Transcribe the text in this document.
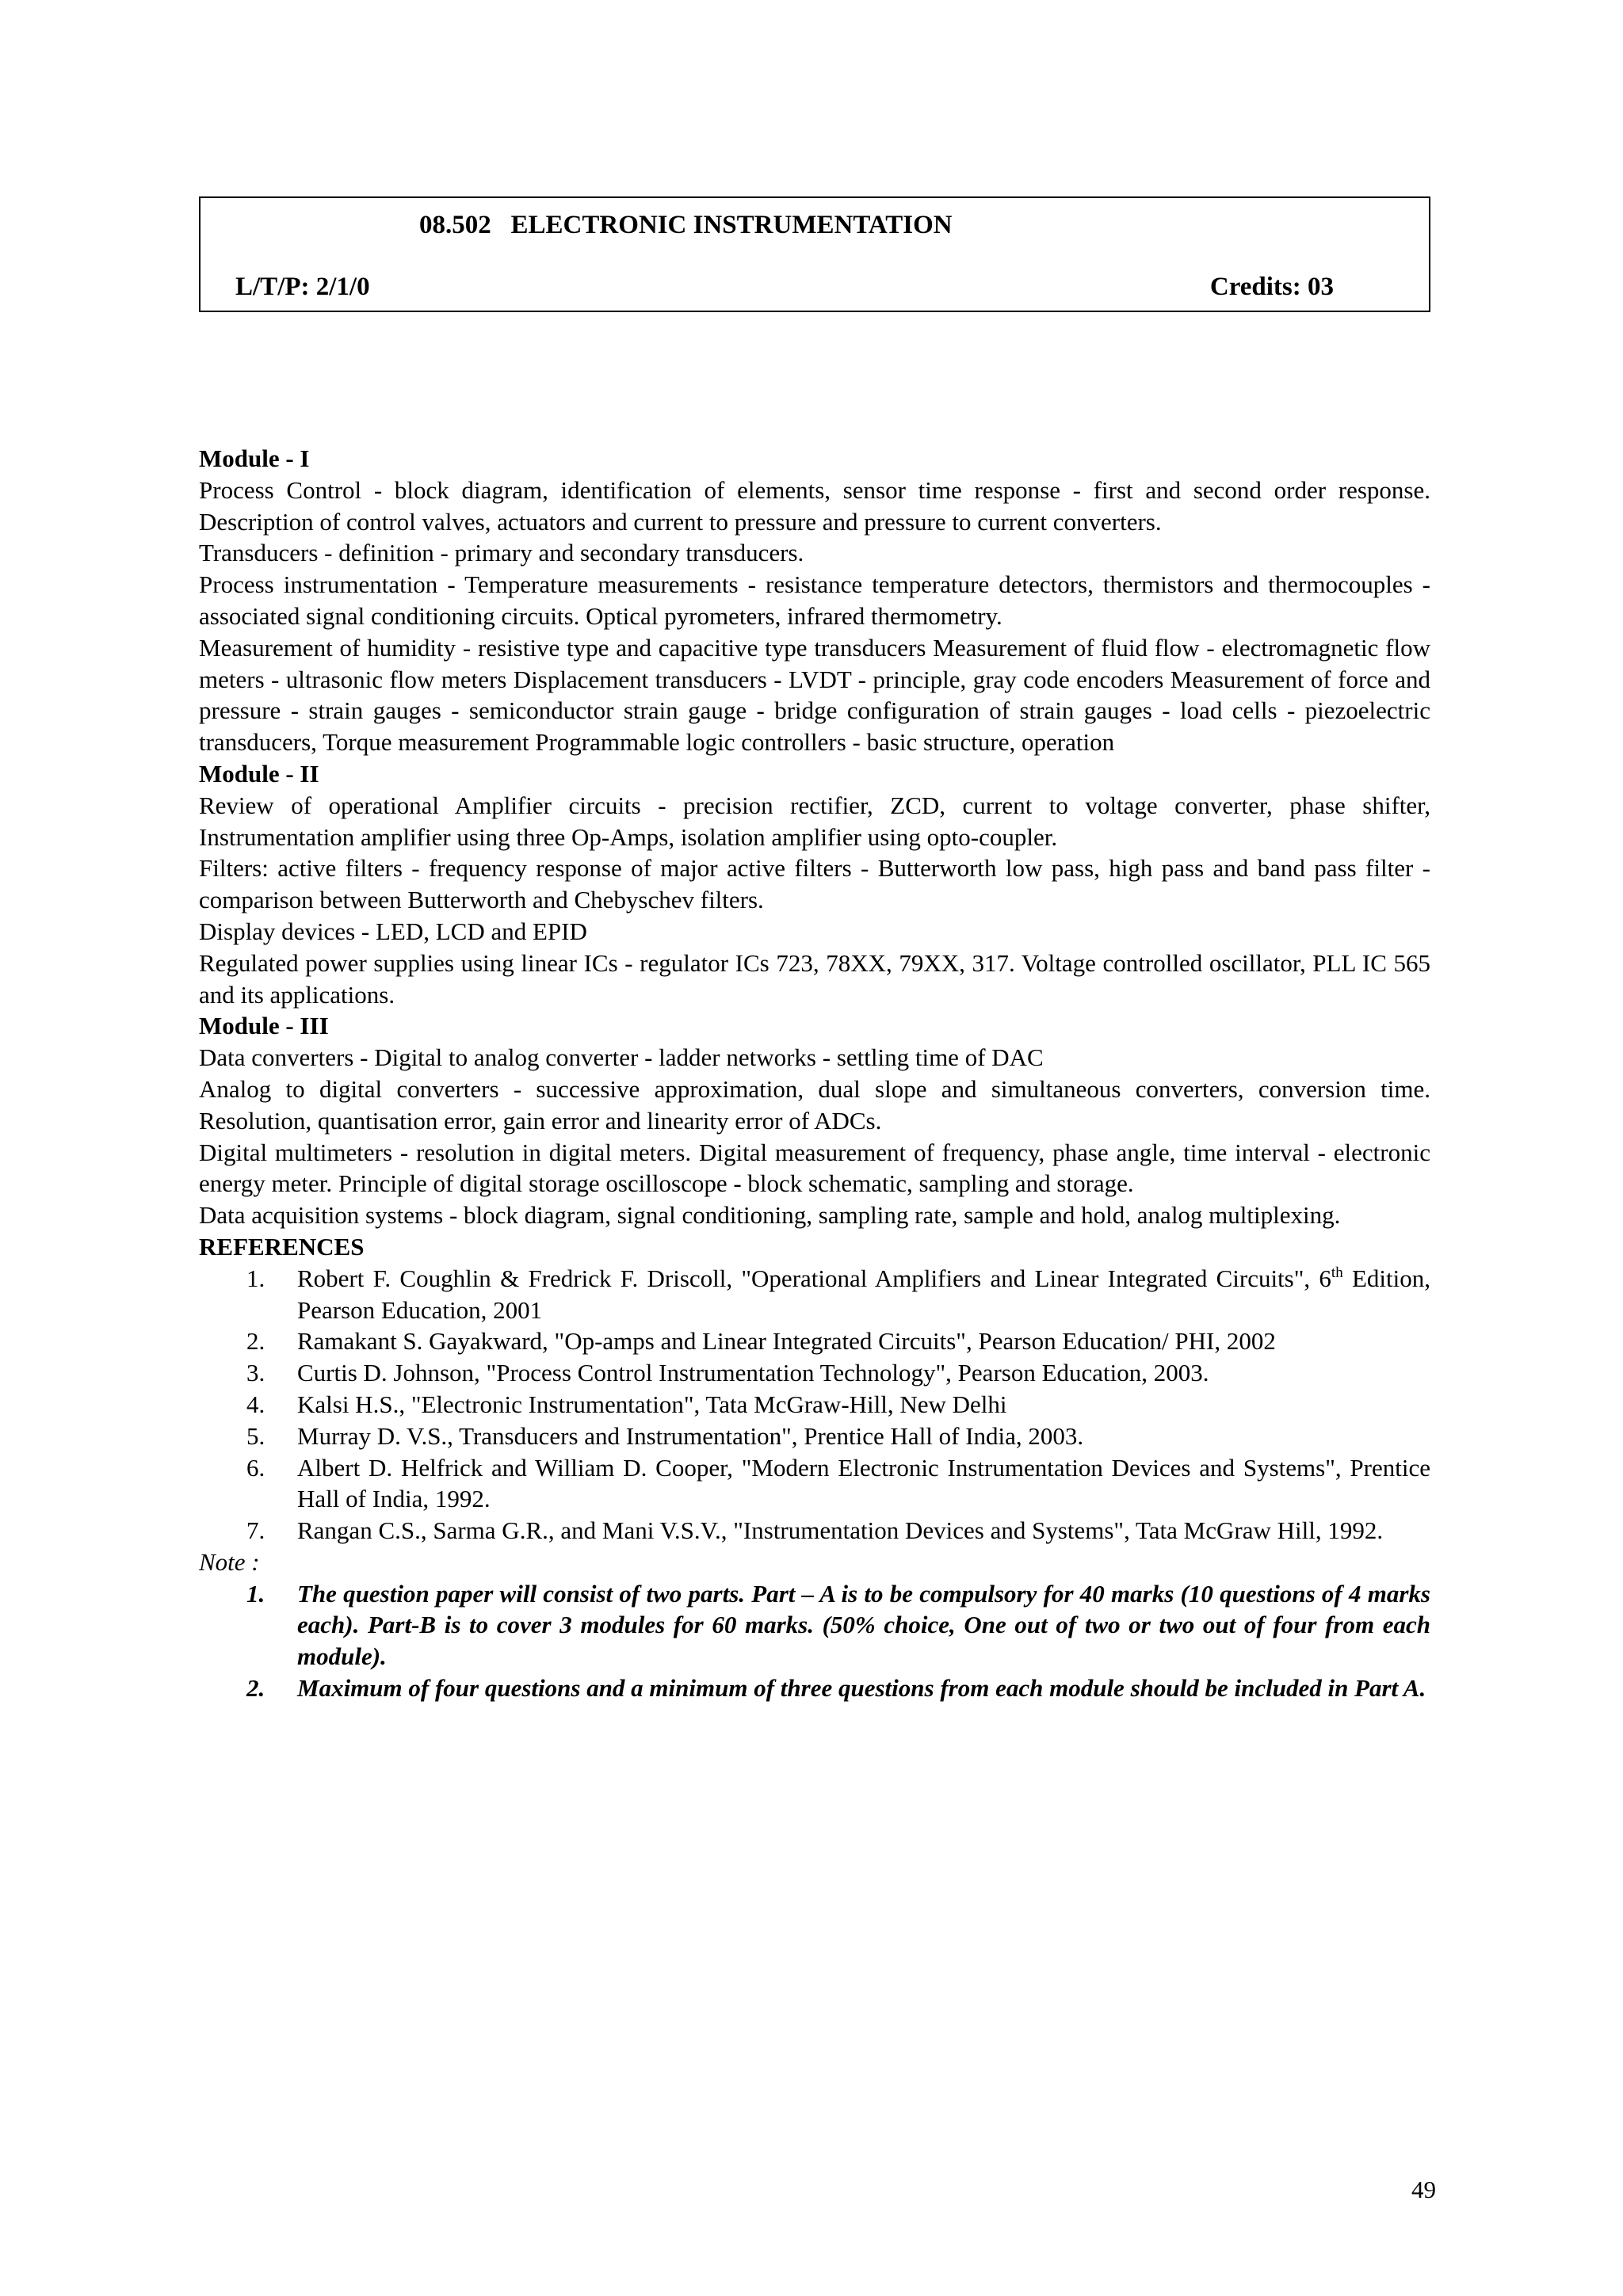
08.502   ELECTRONIC INSTRUMENTATION
L/T/P: 2/1/0	Credits: 03

Module - I

Process Control - block diagram, identification of elements, sensor time response - first and second order response. Description of control valves, actuators and current to pressure and pressure to current converters.

Transducers - definition - primary and secondary transducers.

Process instrumentation - Temperature measurements - resistance temperature detectors, thermistors and thermocouples - associated signal conditioning circuits. Optical pyrometers, infrared thermometry.

Measurement of humidity - resistive type and capacitive type transducers Measurement of fluid flow - electromagnetic flow meters - ultrasonic flow meters Displacement transducers - LVDT - principle, gray code encoders Measurement of force and pressure - strain gauges - semiconductor strain gauge - bridge configuration of strain gauges - load cells - piezoelectric transducers, Torque measurement Programmable logic controllers - basic structure, operation

Module - II

Review of operational Amplifier circuits - precision rectifier, ZCD, current to voltage converter, phase shifter, Instrumentation amplifier using three Op-Amps, isolation amplifier using opto-coupler.

Filters: active filters - frequency response of major active filters - Butterworth low pass, high pass and band pass filter - comparison between Butterworth and Chebyschev filters.

Display devices - LED, LCD and EPID

Regulated power supplies using linear ICs - regulator ICs 723, 78XX, 79XX, 317. Voltage controlled oscillator, PLL IC 565 and its applications.

Module - III

Data converters - Digital to analog converter - ladder networks - settling time of DAC

Analog to digital converters - successive approximation, dual slope and simultaneous converters, conversion time. Resolution, quantisation error, gain error and linearity error of ADCs.

Digital multimeters - resolution in digital meters. Digital measurement of frequency, phase angle, time interval - electronic energy meter. Principle of digital storage oscilloscope - block schematic, sampling and storage.

Data acquisition systems - block diagram, signal conditioning, sampling rate, sample and hold, analog multiplexing.

REFERENCES

1. Robert F. Coughlin & Fredrick F. Driscoll, "Operational Amplifiers and Linear Integrated Circuits", 6th Edition, Pearson Education, 2001
2. Ramakant S. Gayakward, "Op-amps and Linear Integrated Circuits", Pearson Education/ PHI, 2002
3. Curtis D. Johnson, "Process Control Instrumentation Technology", Pearson Education, 2003.
4. Kalsi H.S., "Electronic Instrumentation", Tata McGraw-Hill, New Delhi
5. Murray D. V.S., Transducers and Instrumentation", Prentice Hall of India, 2003.
6. Albert D. Helfrick and William D. Cooper, "Modern Electronic Instrumentation Devices and Systems", Prentice Hall of India, 1992.
7. Rangan C.S., Sarma G.R., and Mani V.S.V., "Instrumentation Devices and Systems", Tata McGraw Hill, 1992.

Note :

1. The question paper will consist of two parts. Part – A is to be compulsory for 40 marks (10 questions of 4 marks each). Part-B is to cover 3 modules for 60 marks. (50% choice, One out of two or two out of four from each module).
2. Maximum of four questions and a minimum of three questions from each module should be included in Part A.
49
